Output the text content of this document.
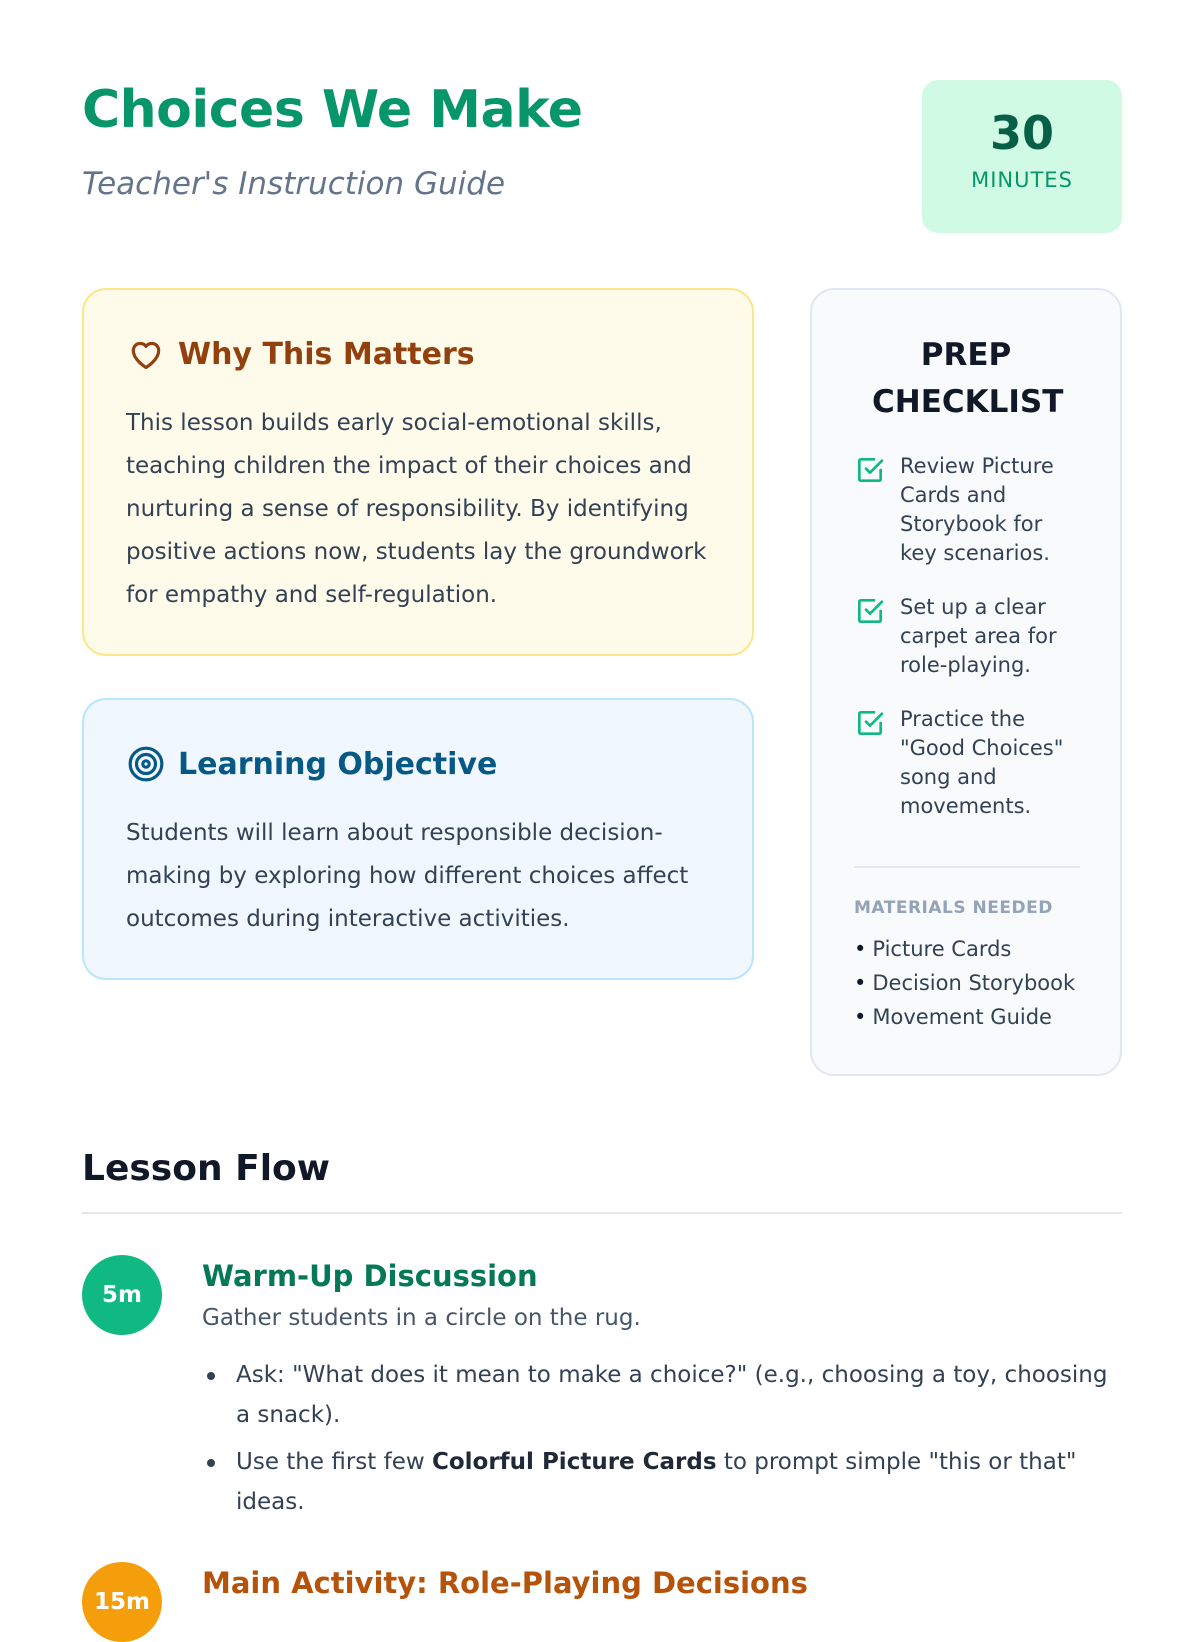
Choices We Make
Teacher's Instruction Guide
30
MINUTES
Why This Matters

This lesson builds early social-emotional skills, teaching children the impact of their choices and nurturing a sense of responsibility. By identifying positive actions now, students lay the groundwork for empathy and self-regulation.

Learning Objective

Students will learn about responsible decision-making by exploring how different choices affect outcomes during interactive activities.

PREP CHECKLIST
Review Picture Cards and Storybook for key scenarios.
Set up a clear carpet area for role-playing.
Practice the "Good Choices" song and movements.
MATERIALS NEEDED
• Picture Cards
• Decision Storybook
• Movement Guide
Lesson Flow
5m
Warm-Up Discussion

Gather students in a circle on the rug.

Ask: "What does it mean to make a choice?" (e.g., choosing a toy, choosing a snack).
Use the first few Colorful Picture Cards to prompt simple "this or that" ideas.
15m
Main Activity: Role-Playing Decisions
